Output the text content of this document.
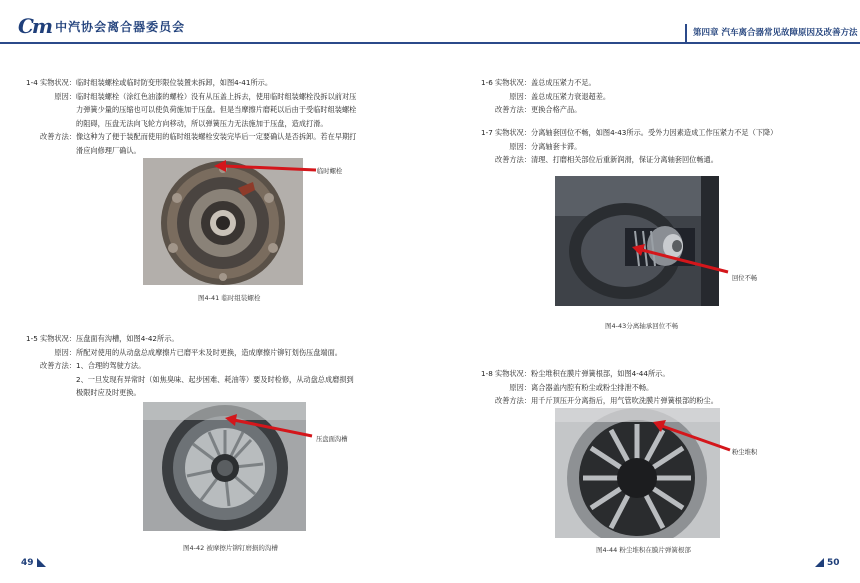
Cm 中汽协会离合器委员会	第四章 汽车离合器常见故障原因及改善方法
1-4 实物状况： 临时组装螺栓或临时防变形限位装置未拆卸，如图4-41所示。
原因： 临时组装螺栓（涂红色油漆的螺栓）没有从压盖上拆去，使用临时组装螺栓没拆以前对压
力弹簧少量的压缩也可以使负荷施加于压盘。但是当摩擦片磨耗以后由于受临时组装螺栓
的阻碍，压盘无法向飞轮方向移动，所以弹簧压力无法施加于压盘，造成打滑。
改善方法： 像这种为了便于装配而使用的临时组装螺栓安装完毕后一定要确认是否拆卸。若在早期打
滑应向修理厂确认。
临时螺栓
图4-41 临时组装螺栓
1-5 实物状况： 压盘面有沟槽，如图4-42所示。
原因： 所配对使用的从动盘总成摩擦片已磨平未及时更换，造成摩擦片铆钉划伤压盘端面。
改善方法： 1、合理的驾驶方法。
2、一旦发现有异常时（如焦臭味、起步困难、耗油等）要及时检修，从动盘总成磨损到
极限时应及时更换。
压盘面沟槽
图4-42 被摩擦片铆钉磨损的沟槽
1-6 实物状况： 盖总成压紧力不足。
原因： 盖总成压紧力衰退超差。
改善方法： 更换合格产品。
1-7 实物状况： 分离轴套回位不畅，如图4-43所示。受外力因素造成工作压紧力不足（下降）
原因： 分离轴套卡滞。
改善方法： 清理、打磨相关部位后重新润滑，保证分离轴套回位畅通。
回位不畅
图4-43分离轴承回位不畅
1-8 实物状况： 粉尘堆积在膜片弹簧根部，如图4-44所示。
原因： 离合器盖内腔有粉尘或粉尘排泄不畅。
改善方法： 用千斤顶压开分离指后，用气管吹洗膜片弹簧根部的粉尘。
粉尘堆积
图4-44 粉尘堆积在膜片弹簧根部
49	50
